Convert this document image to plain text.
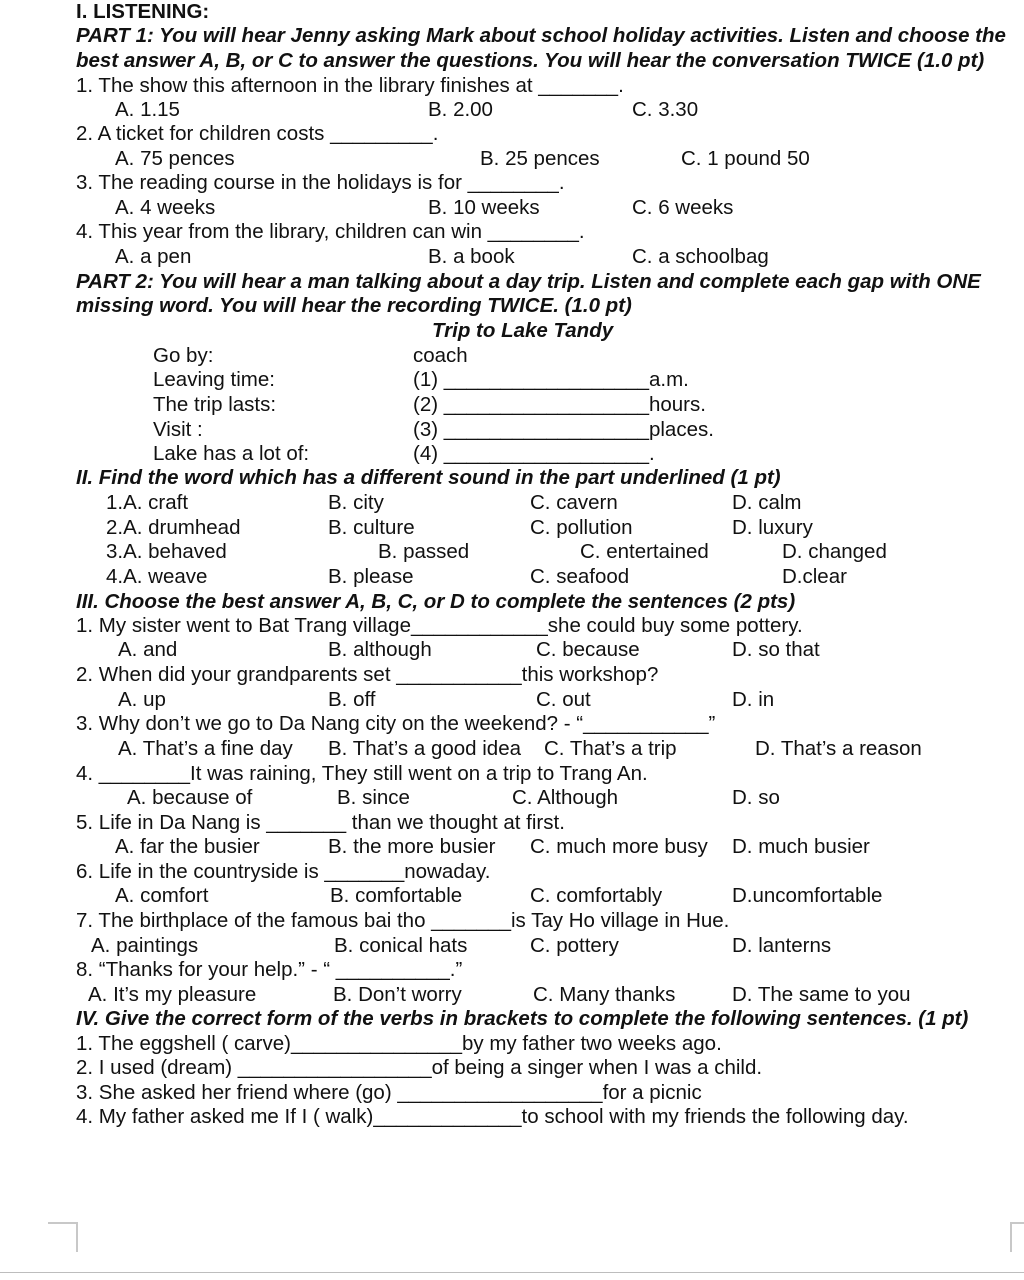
I. LISTENING:
PART 1: You will hear Jenny asking Mark about school holiday activities. Listen and choose the
best answer A, B, or C to answer the questions. You will hear the conversation TWICE (1.0 pt)
1. The show this afternoon in the library finishes at _______.
A. 1.15	B. 2.00	C. 3.30
2. A ticket for children costs _________.
A. 75 pences	B. 25 pences	C. 1 pound 50
3. The reading course in the holidays is for ________.
A. 4 weeks	B. 10 weeks	C. 6 weeks
4. This year from the library, children can win ________.
A. a pen	B. a book	C. a schoolbag
PART 2: You will hear a man talking about a day trip. Listen and complete each gap with ONE
missing word. You will hear the recording TWICE. (1.0 pt)
Trip to Lake Tandy
Go by:	coach
Leaving time:	(1) __________________a.m.
The trip lasts:	(2) __________________hours.
Visit :	(3) __________________places.
Lake has a lot of:	(4) __________________.
II. Find the word which has a different sound in the part underlined (1 pt)
1.A. craft	B. city	C. cavern	D. calm
2.A. drumhead	B. culture	C. pollution	D. luxury
3.A. behaved	B. passed	C. entertained	D. changed
4.A. weave	B. please	C. seafood	D.clear
III. Choose the best answer A, B, C, or D to complete the sentences (2 pts)
1. My sister went to Bat Trang village____________she could buy some pottery.
A. and	B. although	C. because	D. so that
2. When did your grandparents set ___________this workshop?
A. up	B. off	C. out	D. in
3. Why don’t we go to Da Nang city on the weekend? - “___________”
A. That’s a fine day B. That’s a good idea C. That’s a trip	D. That’s a reason
4. ________It was raining, They still went on a trip to Trang An.
A. because of	B. since	C. Although	D. so
5. Life in Da Nang is _______ than we thought at first.
A. far the busier	B. the more busier C. much more busy D. much busier
6. Life in the countryside is _______nowaday.
A. comfort	B. comfortable	C. comfortably	D.uncomfortable
7. The birthplace of the famous bai tho _______is Tay Ho village in Hue.
A. paintings	B. conical hats	C. pottery	D. lanterns
8. “Thanks for your help.” - “ __________.”
A. It’s my pleasure	B. Don’t worry	C. Many thanks	D. The same to you
IV. Give the correct form of the verbs in brackets to complete the following sentences. (1 pt)
1. The eggshell ( carve)_______________by my father two weeks ago.
2. I used (dream) _________________of being a singer when I was a child.
3. She asked her friend where (go) __________________for a picnic
4. My father asked me If I ( walk)_____________to school with my friends the following day.
